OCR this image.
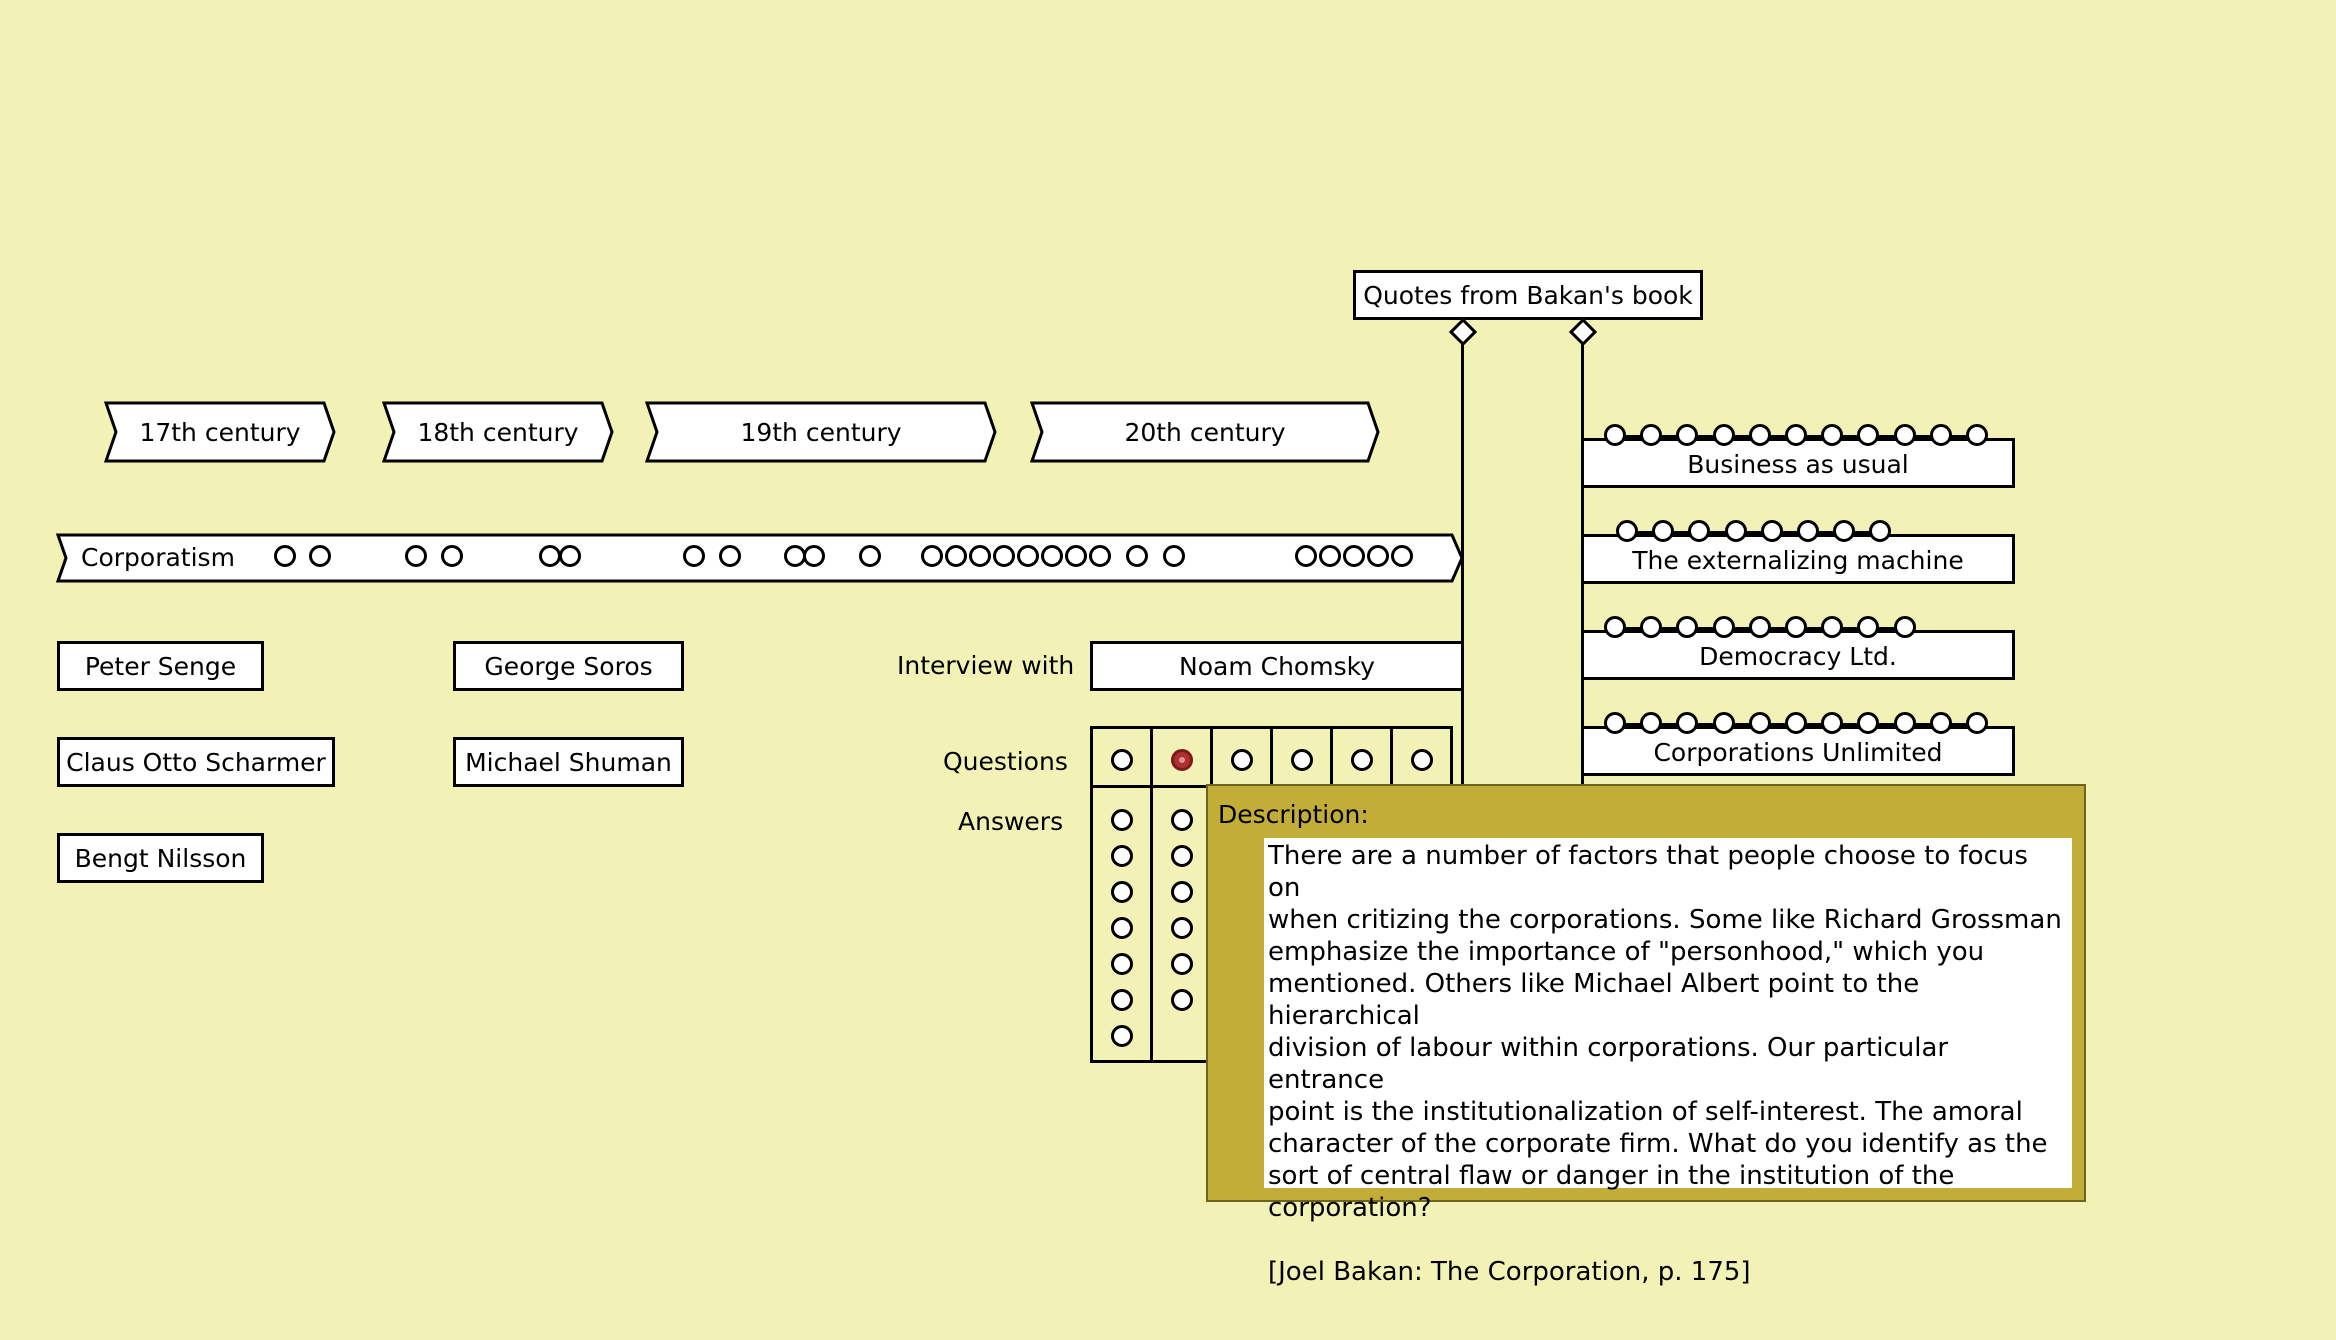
Quotes from Bakan's book
17th century	18th century	19th century	20th century
Corporatism
Peter Senge	George Soros
Claus Otto Scharmer	Michael Shuman
Bengt Nilsson
Interview with	Noam Chomsky
Questions
Answers
Business as usual
The externalizing machine
Democracy Ltd.
Corporations Unlimited
Description:
There are a number of factors that people choose to focus on
when critizing the corporations. Some like Richard Grossman
emphasize the importance of "personhood," which you
mentioned. Others like Michael Albert point to the hierarchical
division of labour within corporations. Our particular entrance
point is the institutionalization of self-interest. The amoral
character of the corporate firm. What do you identify as the
sort of central flaw or danger in the institution of the
corporation?

[Joel Bakan: The Corporation, p. 175]
